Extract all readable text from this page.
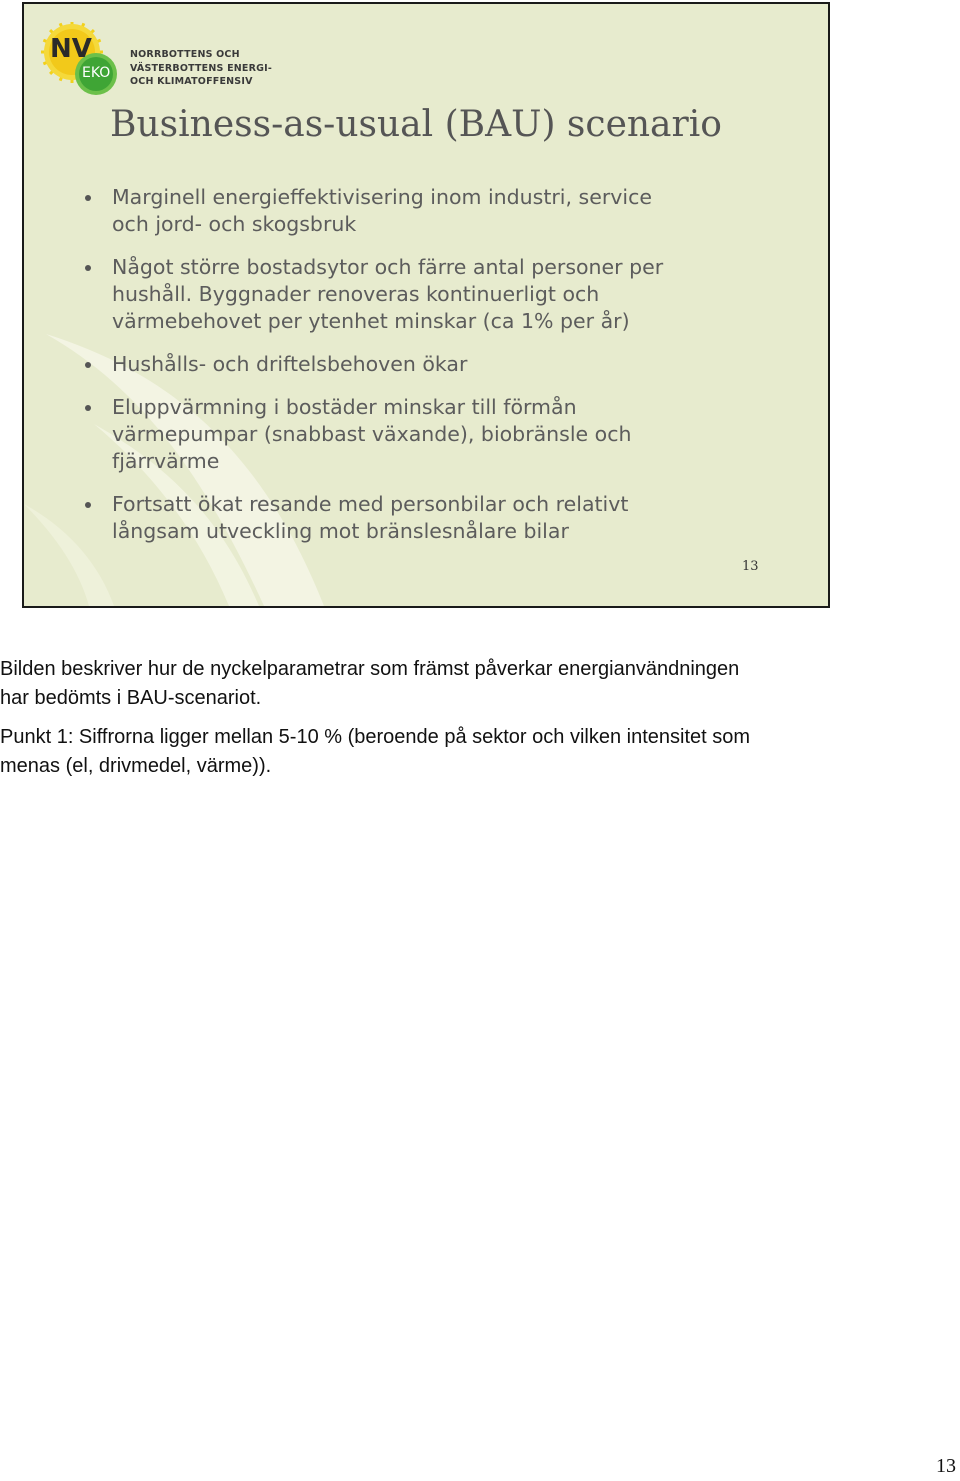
NV
EKO
NORRBOTTENS OCH
VÄSTERBOTTENS ENERGI-
OCH KLIMATOFFENSIV
Business-as-usual (BAU) scenario
Marginell energieffektivisering inom industri, service
och jord- och skogsbruk
Något större bostadsytor och färre antal personer per
hushåll. Byggnader renoveras kontinuerligt och
värmebehovet per ytenhet minskar (ca 1% per år)
Hushålls- och driftelsbehoven ökar
Eluppvärmning i bostäder minskar till förmån
värmepumpar (snabbast växande), biobränsle och
fjärrvärme
Fortsatt ökat resande med personbilar och relativt
långsam utveckling mot bränslesnålare bilar
13

Bilden beskriver hur de nyckelparametrar som främst påverkar energianvändningen
har bedömts i BAU-scenariot.

Punkt 1: Siffrorna ligger mellan 5-10 % (beroende på sektor och vilken intensitet som
menas (el, drivmedel, värme)).

13
